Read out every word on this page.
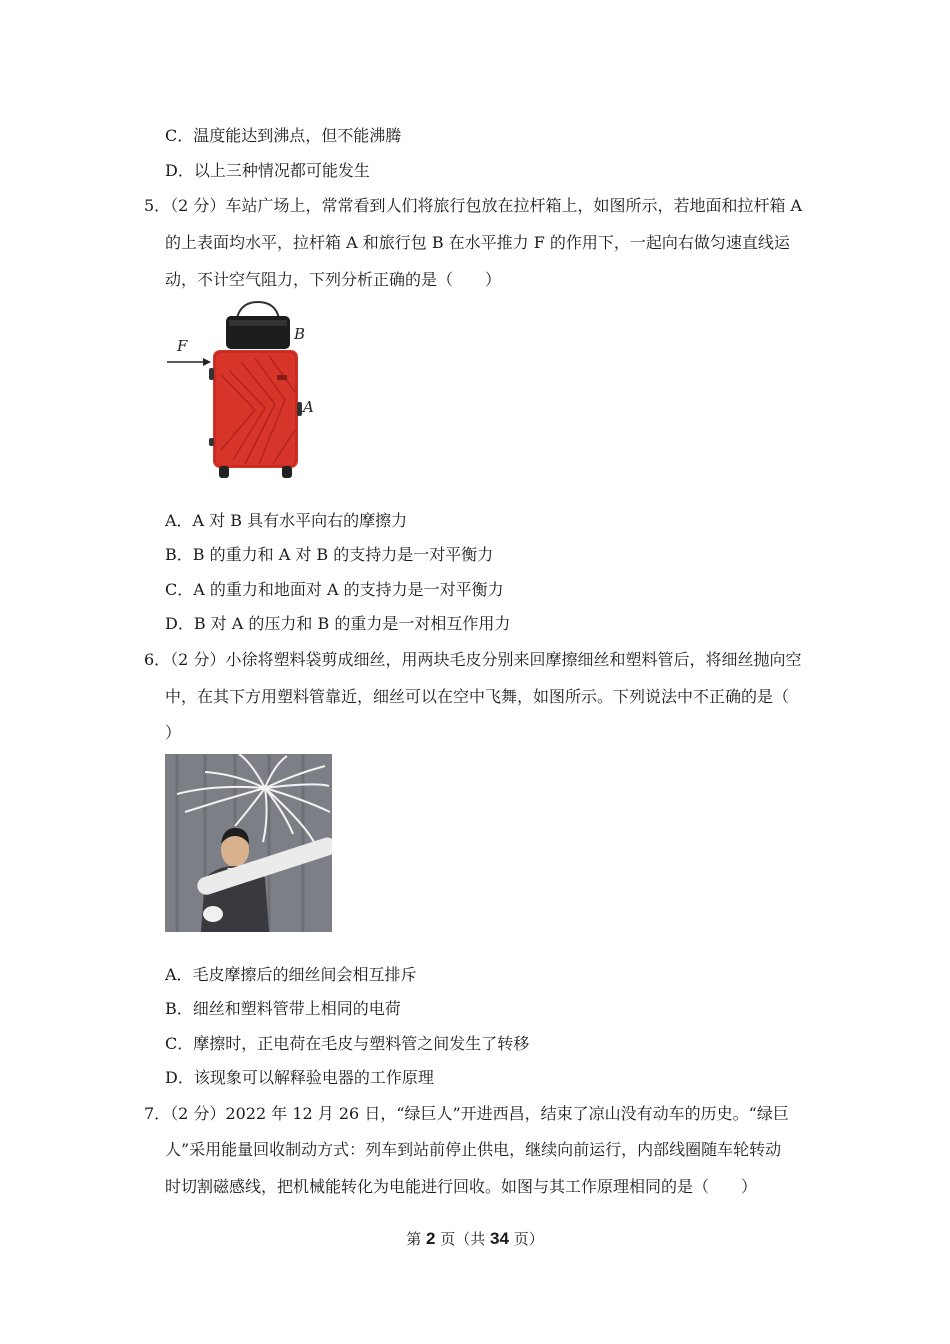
C．温度能达到沸点，但不能沸腾
D．以上三种情况都可能发生
5．（2 分）车站广场上，常常看到人们将旅行包放在拉杆箱上，如图所示，若地面和拉杆箱 A
的上表面均水平，拉杆箱 A 和旅行包 B 在水平推力 F 的作用下，一起向右做匀速直线运
动，不计空气阻力，下列分析正确的是（　　）
F
B
A
A．A 对 B 具有水平向右的摩擦力
B．B 的重力和 A 对 B 的支持力是一对平衡力
C．A 的重力和地面对 A 的支持力是一对平衡力
D．B 对 A 的压力和 B 的重力是一对相互作用力
6．（2 分）小徐将塑料袋剪成细丝，用两块毛皮分别来回摩擦细丝和塑料管后，将细丝抛向空
中，在其下方用塑料管靠近，细丝可以在空中飞舞，如图所示。下列说法中不正确的是（
）
A．毛皮摩擦后的细丝间会相互排斥
B．细丝和塑料管带上相同的电荷
C．摩擦时，正电荷在毛皮与塑料管之间发生了转移
D．该现象可以解释验电器的工作原理
7．（2 分）2022 年 12 月 26 日，“绿巨人”开进西昌，结束了凉山没有动车的历史。“绿巨
人”采用能量回收制动方式：列车到站前停止供电，继续向前运行，内部线圈随车轮转动
时切割磁感线，把机械能转化为电能进行回收。如图与其工作原理相同的是（　　）
第 2 页（共 34 页）
